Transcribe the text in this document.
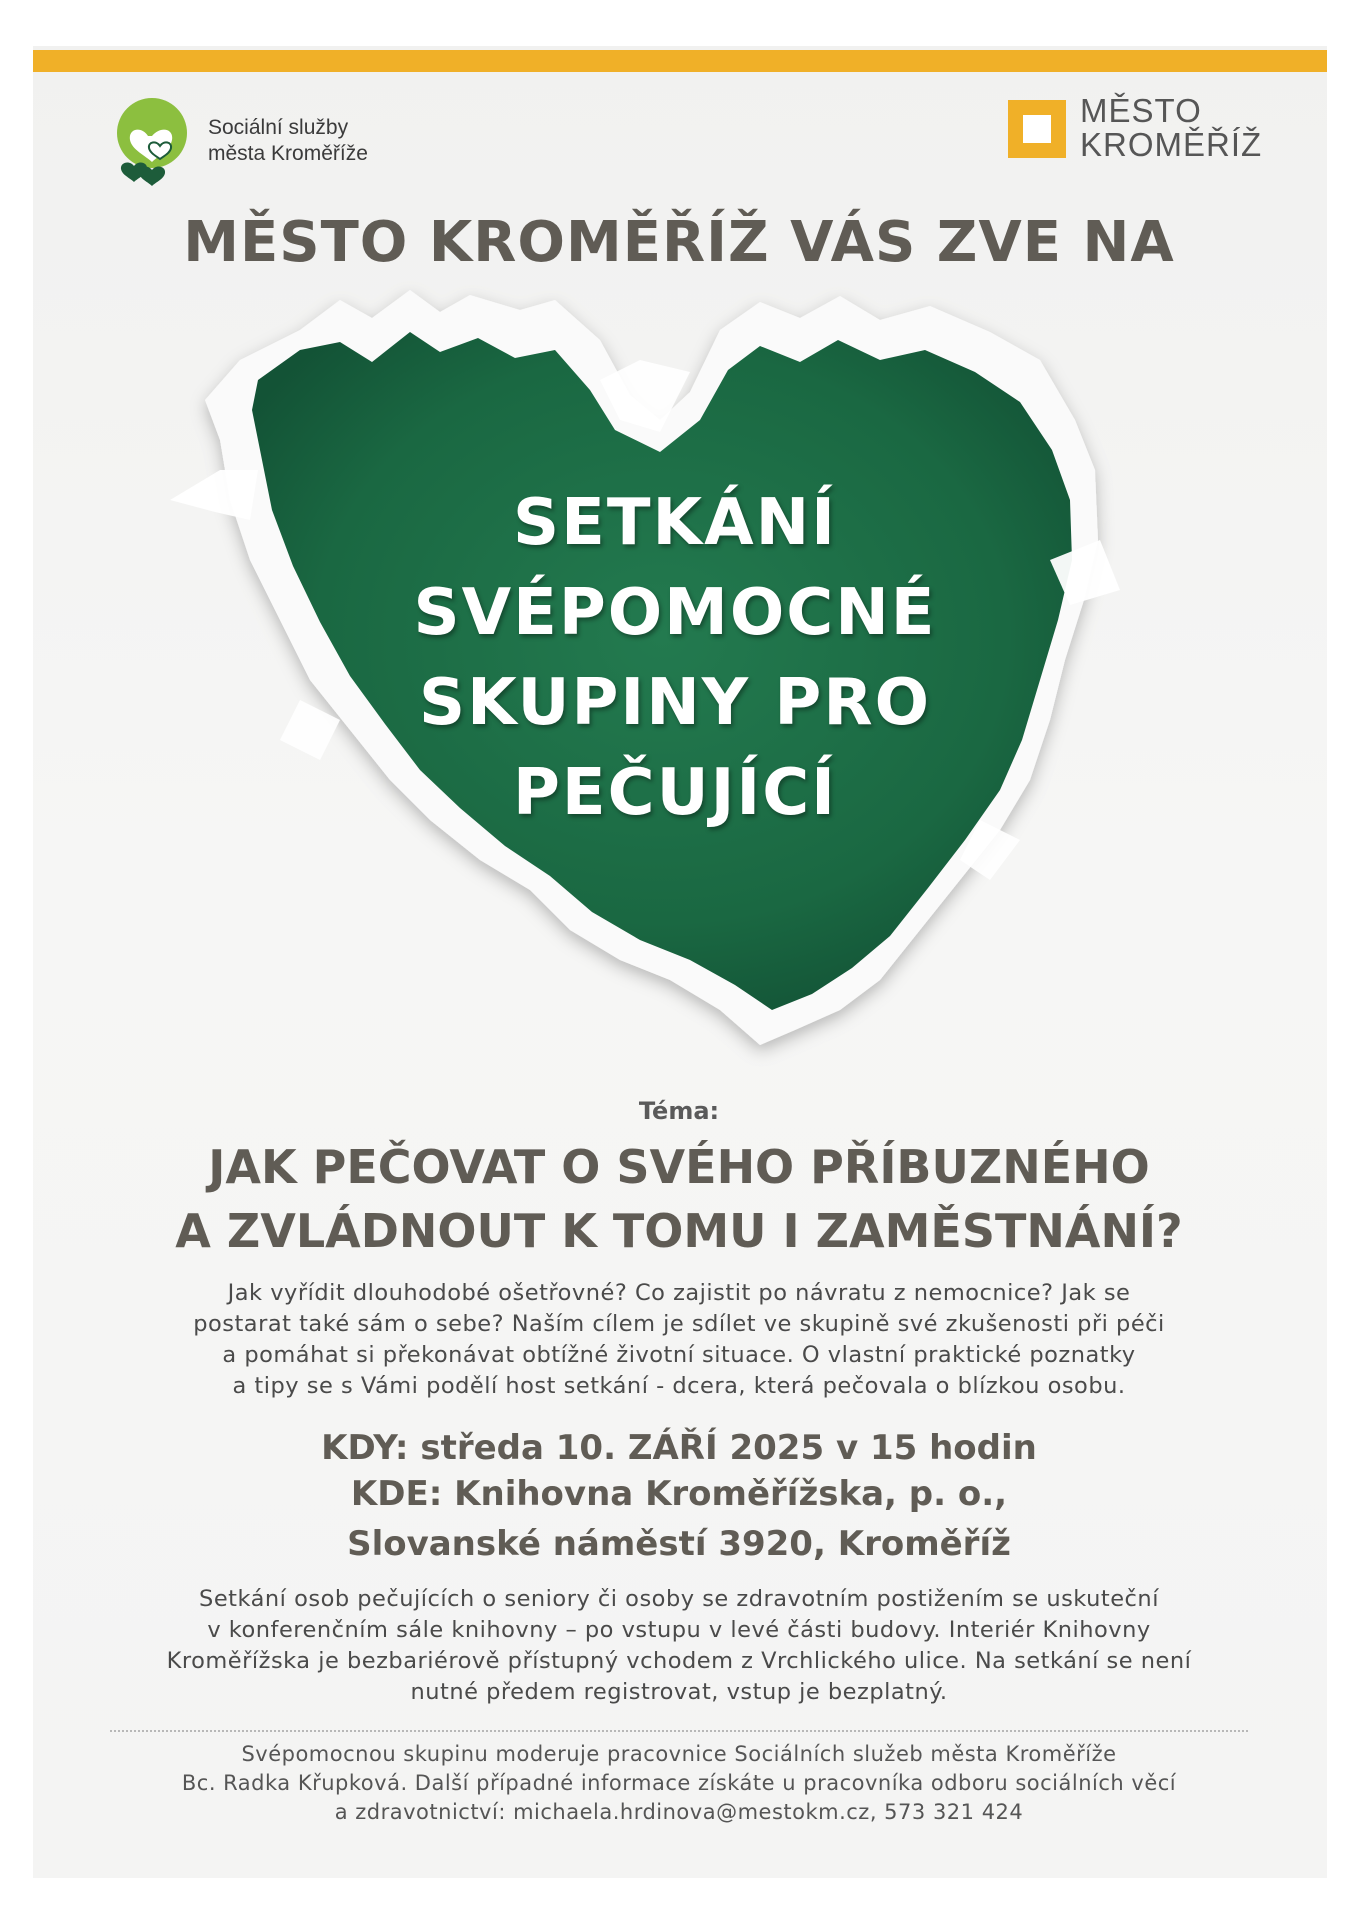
Sociální služby
města Kroměříže
MĚSTO
KROMĚŘÍŽ
MĚSTO KROMĚŘÍŽ VÁS ZVE NA
SETKÁNÍ
SVÉPOMOCNÉ
SKUPINY PRO
PEČUJÍCÍ
Téma:
JAK PEČOVAT O SVÉHO PŘÍBUZNÉHO
A ZVLÁDNOUT K TOMU I ZAMĚSTNÁNÍ?
Jak vyřídit dlouhodobé ošetřovné? Co zajistit po návratu z nemocnice? Jak se
postarat také sám o sebe? Naším cílem je sdílet ve skupině své zkušenosti při péči
a pomáhat si překonávat obtížné životní situace. O vlastní praktické poznatky
a tipy se s Vámi podělí host setkání - dcera, která pečovala o blízkou osobu.
KDY: středa 10. ZÁŘÍ 2025 v 15 hodin
KDE: Knihovna Kroměřížska, p. o.,
Slovanské náměstí 3920, Kroměříž
Setkání osob pečujících o seniory či osoby se zdravotním postižením se uskuteční
v konferenčním sále knihovny – po vstupu v levé části budovy. Interiér Knihovny
Kroměřížska je bezbariérově přístupný vchodem z Vrchlického ulice. Na setkání se není
nutné předem registrovat, vstup je bezplatný.
Svépomocnou skupinu moderuje pracovnice Sociálních služeb města Kroměříže
Bc. Radka Křupková. Další případné informace získáte u pracovníka odboru sociálních věcí
a zdravotnictví: michaela.hrdinova@mestokm.cz, 573 321 424
